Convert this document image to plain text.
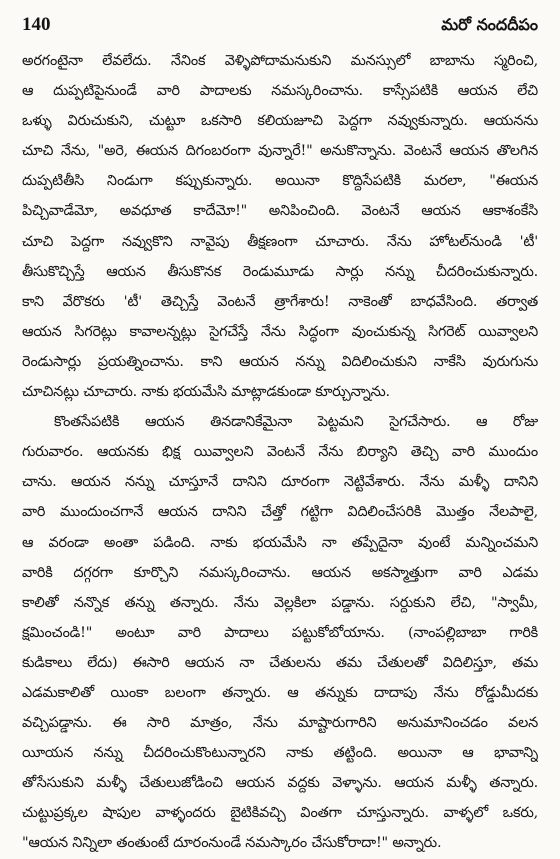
140	మరో నందదీపం
అరగంటైనా లేవలేదు. నేనింక వెళ్ళిపోదామనుకుని మనస్సులో బాబాను స్మరించి,
ఆ దుప్పటిపైనుండే వారి పాదాలకు నమస్కరించాను. కాస్సేపటికి ఆయన లేచి
ఒళ్ళు విరుచుకుని, చుట్టూ ఒకసారి కలియజూచి పెద్దగా నవ్వుకున్నారు. ఆయనను
చూచి నేను, "అరె, ఈయన దిగంబరంగా వున్నారే!" అనుకొన్నాను. వెంటనే ఆయన తొలగిన
దుప్పటితీసి నిండుగా కప్పుకున్నారు. అయినా కొద్దిసేపటికి మరలా, "ఈయన
పిచ్చివాడేమో, అవధూత కాదేమో!" అనిపించింది. వెంటనే ఆయన ఆకాశంకేసి
చూచి పెద్దగా నవ్వుకొని నావైపు తీక్షణంగా చూచారు. నేను హోటల్‌నుండి 'టీ'
తీసుకొచ్చిస్తే ఆయన తీసుకొనక రెండుమూడు సార్లు నన్ను చీదరించుకున్నారు.
కాని వేరొకరు 'టీ' తెచ్చిస్తే వెంటనే త్రాగేశారు! నాకెంతో బాధవేసింది. తర్వాత
ఆయన సిగరెట్లు కావాలన్నట్లు సైగచేస్తే నేను సిద్ధంగా వుంచుకున్న సిగరెట్ యివ్వాలని
రెండుసార్లు ప్రయత్నించాను. కాని ఆయన నన్ను విదిలించుకుని నాకేసి వురుగును
చూచినట్లు చూచారు. నాకు భయమేసి మాట్లాడకుండా కూర్చున్నాను.
కొంతసేపటికి ఆయన తినడానికేమైనా పెట్టమని సైగచేసారు. ఆ రోజు
గురువారం. ఆయనకు భిక్ష యివ్వాలని వెంటనే నేను బిర్యాని తెచ్చి వారి ముందుం
చాను. ఆయన నన్ను చూస్తూనే దానిని దూరంగా నెట్టివేశారు. నేను మళ్ళీ దానిని
వారి ముందుంచగానే ఆయన దానిని చేత్తో గట్టిగా విదిలించేసరికి మొత్తం నేలపాలై,
ఆ వరండా అంతా పడింది. నాకు భయమేసి నా తప్పేదైనా వుంటే మన్నించమని
వారికి దగ్గరగా కూర్చొని నమస్కరించాను. ఆయన అకస్మాత్తుగా వారి ఎడమ
కాలితో నన్నొక తన్ను తన్నారు. నేను వెల్లకిలా పడ్డాను. సర్దుకుని లేచి, "స్వామీ,
క్షమించండి!" అంటూ వారి పాదాలు పట్టుకోబోయాను. (నాంపల్లిబాబా గారికి
కుడికాలు లేదు) ఈసారి ఆయన నా చేతులను తమ చేతులతో విదిలిస్తూ, తమ
ఎడమకాలితో యింకా బలంగా తన్నారు. ఆ తన్నుకు దాదాపు నేను రోడ్డుమీదకు
వచ్చిపడ్డాను. ఈ సారి మాత్రం, నేను మాష్టారుగారిని అనుమానించడం వలన
యీయన నన్ను చీదరించుకొంటున్నారని నాకు తట్టింది. అయినా ఆ భావాన్ని
తోసేసుకుని మళ్ళీ చేతులుజోడించి ఆయన వద్దకు వెళ్ళాను. ఆయన మళ్ళీ తన్నారు.
చుట్టుప్రక్కల షాపుల వాళ్ళందరు బైటికివచ్చి వింతగా చూస్తున్నారు. వాళ్ళలో ఒకరు,
"ఆయన నిన్నిలా తంతుంటే దూరంనుండే నమస్కారం చేసుకోరాదా!" అన్నారు.
